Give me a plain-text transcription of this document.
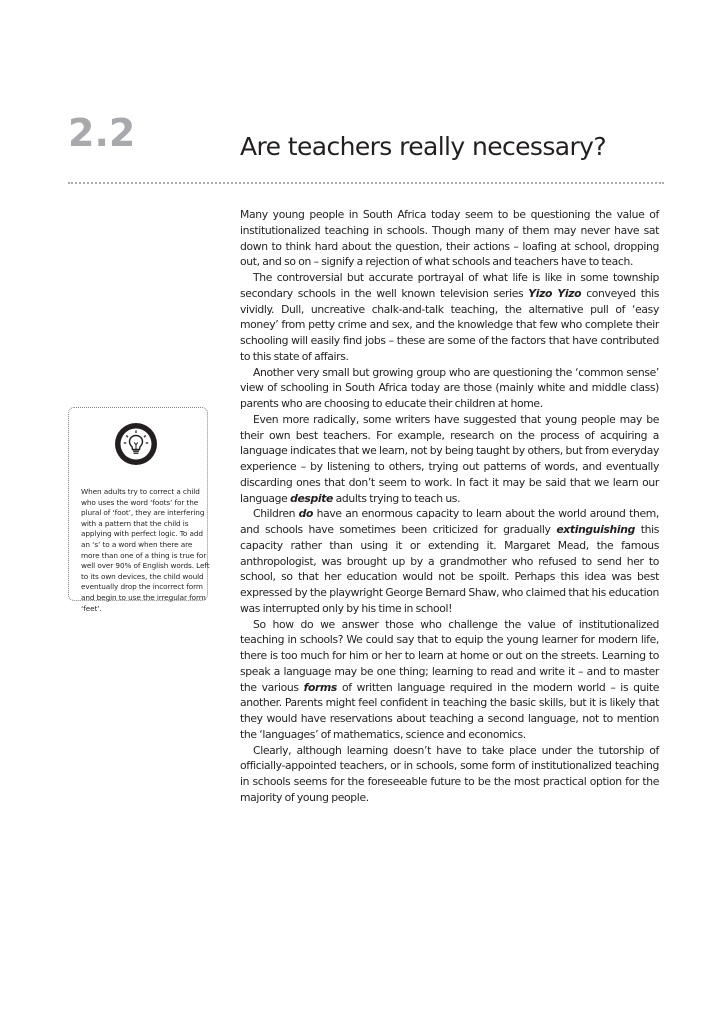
2.2	Are teachers really necessary?

Many young people in South Africa today seem to be questioning the value of institutionalized teaching in schools. Though many of them may never have sat down to think hard about the question, their actions – loafing at school, dropping out, and so on – signify a rejection of what schools and teachers have to teach.

The controversial but accurate portrayal of what life is like in some township secondary schools in the well known television series Yizo Yizo conveyed this vividly. Dull, uncreative chalk-and-talk teaching, the alternative pull of ‘easy money’ from petty crime and sex, and the knowledge that few who complete their schooling will easily find jobs – these are some of the factors that have contributed to this state of affairs.

Another very small but growing group who are questioning the ‘common sense’ view of schooling in South Africa today are those (mainly white and middle class) parents who are choosing to educate their children at home.

Even more radically, some writers have suggested that young people may be their own best teachers. For example, research on the process of acquiring a language indicates that we learn, not by being taught by others, but from everyday experience – by listening to others, trying out patterns of words, and eventually discarding ones that don’t seem to work. In fact it may be said that we learn our language despite adults trying to teach us.

Children do have an enormous capacity to learn about the world around them, and schools have sometimes been criticized for gradually extinguishing this capacity rather than using it or extending it. Margaret Mead, the famous anthropologist, was brought up by a grandmother who refused to send her to school, so that her education would not be spoilt. Perhaps this idea was best expressed by the playwright George Bernard Shaw, who claimed that his education was interrupted only by his time in school!

So how do we answer those who challenge the value of institutionalized teaching in schools? We could say that to equip the young learner for modern life, there is too much for him or her to learn at home or out on the streets. Learning to speak a language may be one thing; learning to read and write it – and to master the various forms of written language required in the modern world – is quite another. Parents might feel confident in teaching the basic skills, but it is likely that they would have reservations about teaching a second language, not to mention the ‘languages’ of mathematics, science and economics.

Clearly, although learning doesn’t have to take place under the tutorship of officially-appointed teachers, or in schools, some form of institutionalized teaching in schools seems for the foreseeable future to be the most practical option for the majority of young people.

When adults try to correct a child who uses the word ‘foots’ for the plural of ‘foot’, they are interfering with a pattern that the child is applying with perfect logic. To add an ‘s’ to a word when there are more than one of a thing is true for well over 90% of English words. Left to its own devices, the child would eventually drop the incorrect form and begin to use the irregular form ‘feet’.
